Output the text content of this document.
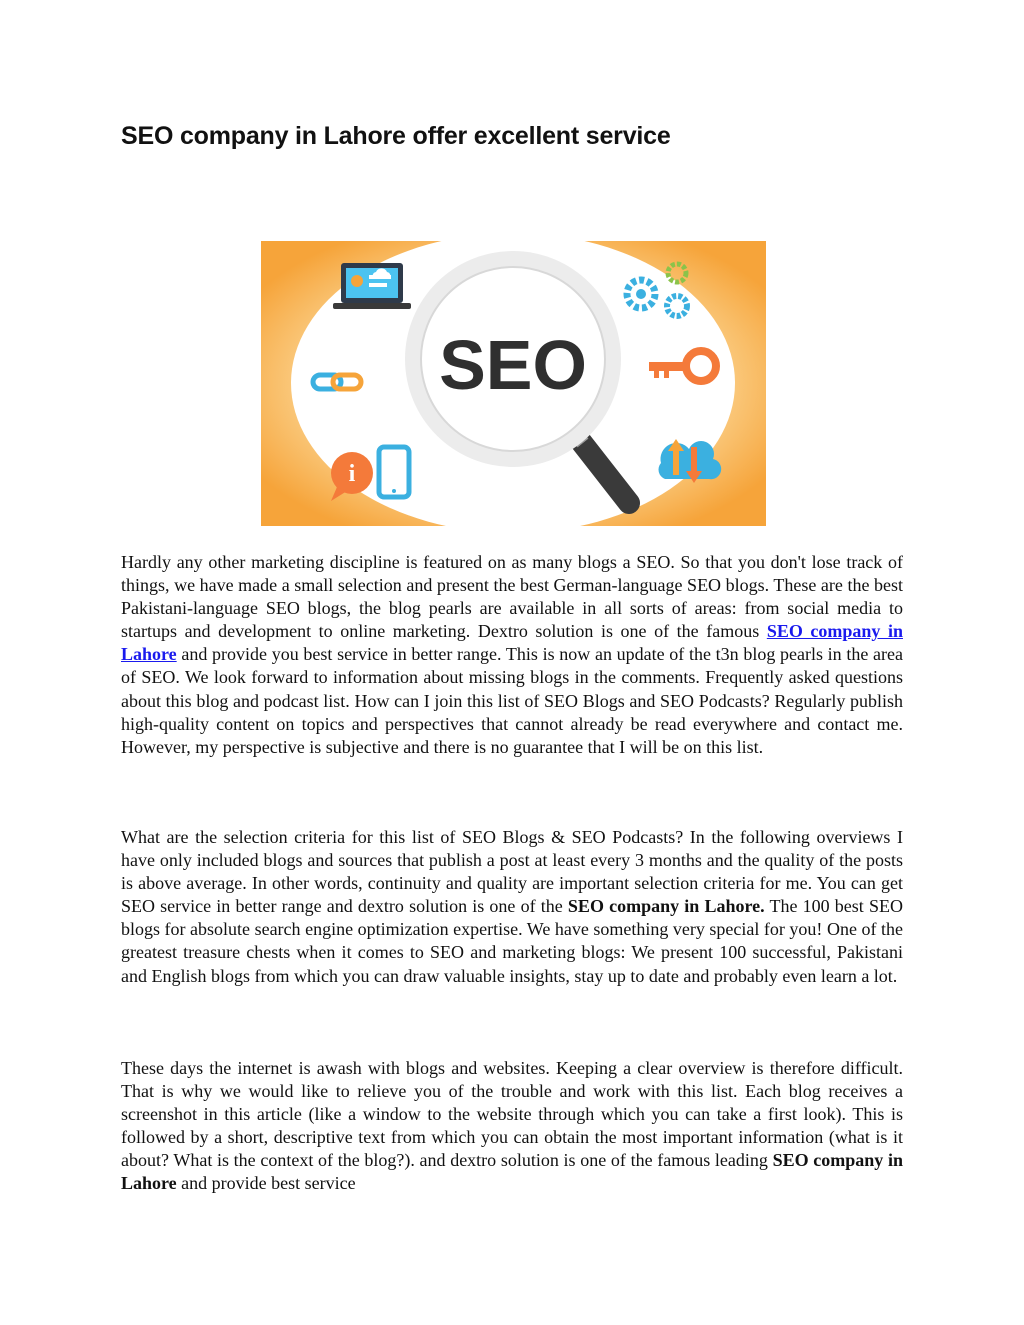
SEO company in Lahore offer excellent service
SEO
i

Hardly any other marketing discipline is featured on as many blogs a SEO. So that you don't lose track of things, we have made a small selection and present the best German-language SEO blogs. These are the best Pakistani-language SEO blogs, the blog pearls are available in all sorts of areas: from social media to startups and development to online marketing. Dextro solution is one of the famous SEO company in Lahore and provide you best service in better range. This is now an update of the t3n blog pearls in the area of SEO. We look forward to information about missing blogs in the comments. Frequently asked questions about this blog and podcast list. How can I join this list of SEO Blogs and SEO Podcasts? Regularly publish high-quality content on topics and perspectives that cannot already be read everywhere and contact me. However, my perspective is subjective and there is no guarantee that I will be on this list.

What are the selection criteria for this list of SEO Blogs & SEO Podcasts? In the following overviews I have only included blogs and sources that publish a post at least every 3 months and the quality of the posts is above average. In other words, continuity and quality are important selection criteria for me. You can get SEO service in better range and dextro solution is one of the SEO company in Lahore. The 100 best SEO blogs for absolute search engine optimization expertise. We have something very special for you! One of the greatest treasure chests when it comes to SEO and marketing blogs: We present 100 successful, Pakistani and English blogs from which you can draw valuable insights, stay up to date and probably even learn a lot.

These days the internet is awash with blogs and websites. Keeping a clear overview is therefore difficult. That is why we would like to relieve you of the trouble and work with this list. Each blog receives a screenshot in this article (like a window to the website through which you can take a first look). This is followed by a short, descriptive text from which you can obtain the most important information (what is it about? What is the context of the blog?). and dextro solution is one of the famous leading SEO company in Lahore and provide best service
